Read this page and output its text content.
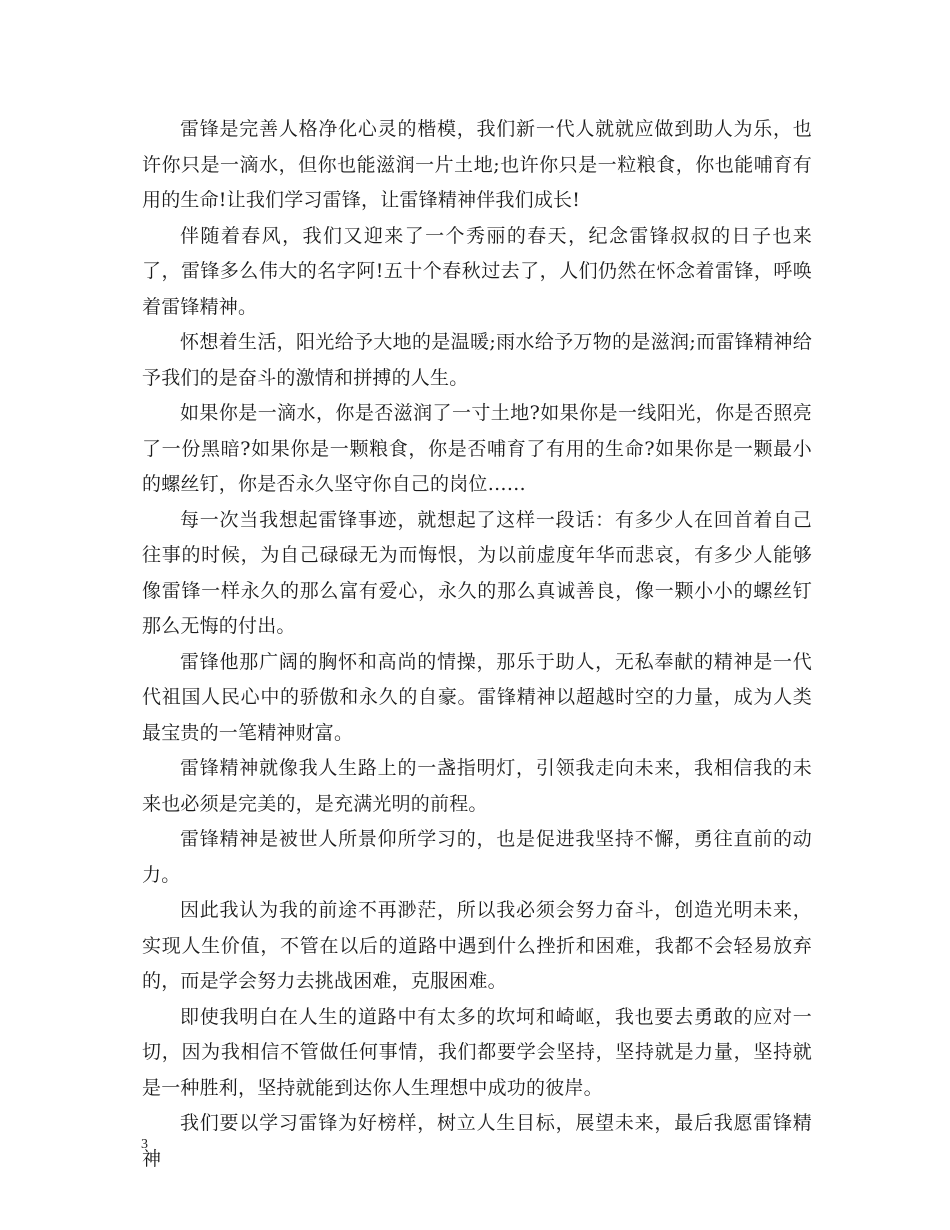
雷锋是完善人格净化心灵的楷模，我们新一代人就就应做到助人为乐，也许你只是一滴水，但你也能滋润一片土地;也许你只是一粒粮食，你也能哺育有用的生命!让我们学习雷锋，让雷锋精神伴我们成长!

伴随着春风，我们又迎来了一个秀丽的春天，纪念雷锋叔叔的日子也来了，雷锋多么伟大的名字阿!五十个春秋过去了，人们仍然在怀念着雷锋，呼唤着雷锋精神。

怀想着生活，阳光给予大地的是温暖;雨水给予万物的是滋润;而雷锋精神给予我们的是奋斗的激情和拼搏的人生。

如果你是一滴水，你是否滋润了一寸土地?如果你是一线阳光，你是否照亮了一份黑暗?如果你是一颗粮食，你是否哺育了有用的生命?如果你是一颗最小的螺丝钉，你是否永久坚守你自己的岗位……

每一次当我想起雷锋事迹，就想起了这样一段话：有多少人在回首着自己往事的时候，为自己碌碌无为而悔恨，为以前虚度年华而悲哀，有多少人能够像雷锋一样永久的那么富有爱心，永久的那么真诚善良，像一颗小小的螺丝钉那么无悔的付出。

雷锋他那广阔的胸怀和高尚的情操，那乐于助人，无私奉献的精神是一代代祖国人民心中的骄傲和永久的自豪。雷锋精神以超越时空的力量，成为人类最宝贵的一笔精神财富。

雷锋精神就像我人生路上的一盏指明灯，引领我走向未来，我相信我的未来也必须是完美的，是充满光明的前程。

雷锋精神是被世人所景仰所学习的，也是促进我坚持不懈，勇往直前的动力。

因此我认为我的前途不再渺茫，所以我必须会努力奋斗，创造光明未来，实现人生价值，不管在以后的道路中遇到什么挫折和困难，我都不会轻易放弃的，而是学会努力去挑战困难，克服困难。

即使我明白在人生的道路中有太多的坎坷和崎岖，我也要去勇敢的应对一切，因为我相信不管做任何事情，我们都要学会坚持，坚持就是力量，坚持就是一种胜利，坚持就能到达你人生理想中成功的彼岸。

我们要以学习雷锋为好榜样，树立人生目标，展望未来，最后我愿雷锋精神

3
